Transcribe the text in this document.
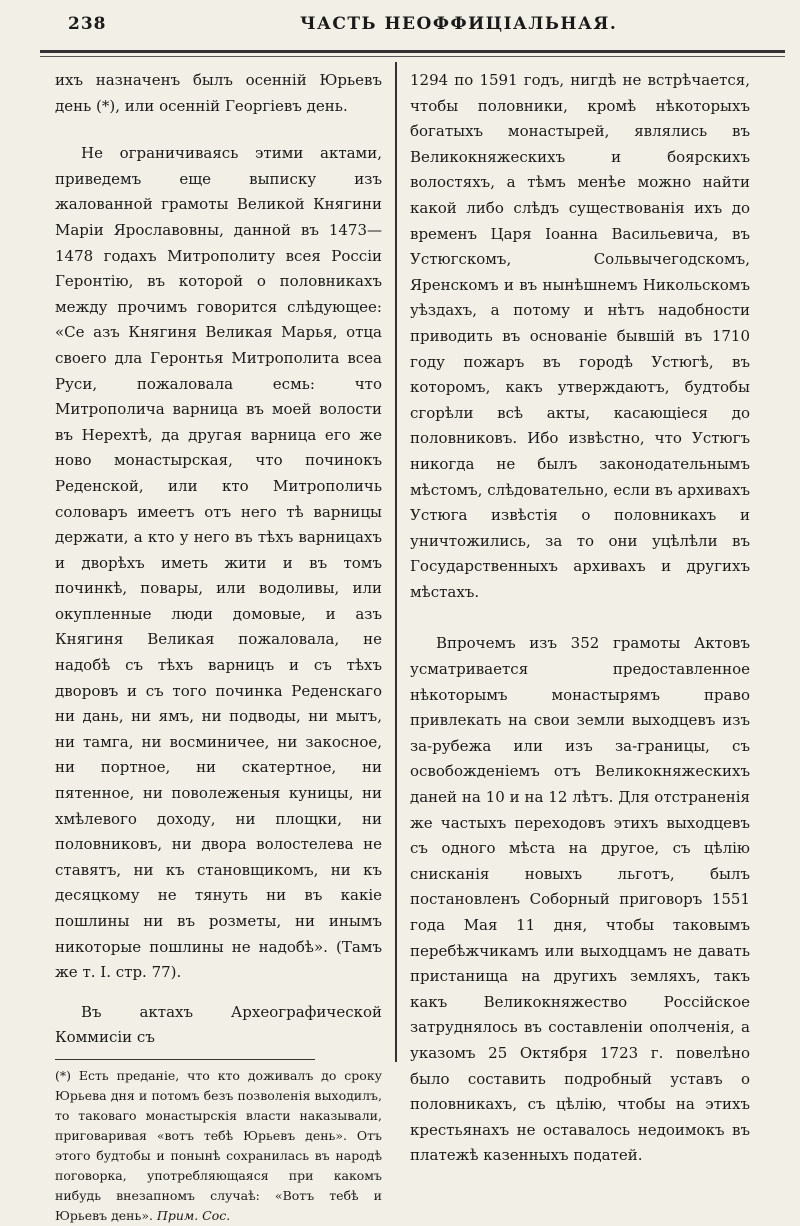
238	ЧАСТЬ НЕОФФИЦІАЛЬНАЯ.

ихъ назначенъ былъ осенній Юрьевъ день (*), или осенній Георгіевъ день.

Не ограничиваясь этими актами, приведемъ еще выписку изъ жалованной грамоты Великой Княгини Маріи Ярославовны, данной въ 1473—1478 годахъ Митрополиту всея Россіи Геронтію, въ которой о половникахъ между прочимъ говорится слѣдующее: «Се азъ Княгиня Великая Марья, отца своего дла Геронтья Митрополита всеа Руси, пожаловала есмь: что Митрополича варница въ моей волости въ Нерехтѣ, да другая варница его же ново монастырская, что починокъ Реденской, или кто Митрополичь соловаръ имеетъ отъ него тѣ варницы держати, а кто у него въ тѣхъ варницахъ и дворѣхъ иметь жити и въ томъ починкѣ, повары, или водоливы, или окупленные люди домовые, и азъ Княгиня Великая пожаловала, не надобѣ съ тѣхъ варницъ и съ тѣхъ дворовъ и съ того починка Реденскаго ни дань, ни ямъ, ни подводы, ни мытъ, ни тамга, ни восминичее, ни закосное, ни портное, ни скатертное, ни пятенное, ни поволеженыя куницы, ни хмѣлевого доходу, ни площки, ни половниковъ, ни двора волостелева не ставятъ, ни къ становщикомъ, ни къ десяцкому не тянуть ни въ какіе пошлины ни въ розметы, ни инымъ никоторые пошлины не надобѣ». (Тамъ же т. I. стр. 77).

Въ актахъ Археографической Коммисіи съ

(*) Есть преданіе, что кто доживалъ до сроку Юрьева дня и потомъ безъ позволенія выходилъ, то таковаго монастырскія власти наказывали, приговаривая «вотъ тебѣ Юрьевъ день». Отъ этого будтобы и понынѣ сохранилась въ народѣ поговорка, употребляющаяся при какомъ нибудь внезапномъ случаѣ: «Вотъ тебѣ и Юрьевъ день». Прим. Сос.

1294 по 1591 годъ, нигдѣ не встрѣчается, чтобы половники, кромѣ нѣкоторыхъ богатыхъ монастырей, являлись въ Великокняжескихъ и боярскихъ волостяхъ, а тѣмъ менѣе можно найти какой либо слѣдъ существованія ихъ до временъ Царя Іоанна Васильевича, въ Устюгскомъ, Сольвычегодскомъ, Яренскомъ и въ нынѣшнемъ Никольскомъ уѣздахъ, а потому и нѣтъ надобности приводить въ основаніе бывшій въ 1710 году пожаръ въ городѣ Устюгѣ, въ которомъ, какъ утверждаютъ, будтобы сгорѣли всѣ акты, касающіеся до половниковъ. Ибо извѣстно, что Устюгъ никогда не былъ законодательнымъ мѣстомъ, слѣдовательно, если въ архивахъ Устюга извѣстія о половникахъ и уничтожились, за то они уцѣлѣли въ Государственныхъ архивахъ и другихъ мѣстахъ.

Впрочемъ изъ 352 грамоты Актовъ усматривается предоставленное нѣкоторымъ монастырямъ право привлекать на свои земли выходцевъ изъ за-рубежа или изъ за-границы, съ освобожденіемъ отъ Великокняжескихъ даней на 10 и на 12 лѣтъ. Для отстраненія же частыхъ переходовъ этихъ выходцевъ съ одного мѣста на другое, съ цѣлію сниcканія новыхъ льготъ, былъ постановленъ Соборный приговоръ 1551 года Мая 11 дня, чтобы таковымъ перебѣжчикамъ или выходцамъ не давать пристанища на другихъ земляхъ, такъ какъ Великокняжество Россійское затруднялось въ составленіи ополченія, а указомъ 25 Октября 1723 г. повелѣно было составить подробный уставъ о половникахъ, съ цѣлію, чтобы на этихъ крестьянахъ не оставалось недоимокъ въ платежѣ казенныхъ податей.
